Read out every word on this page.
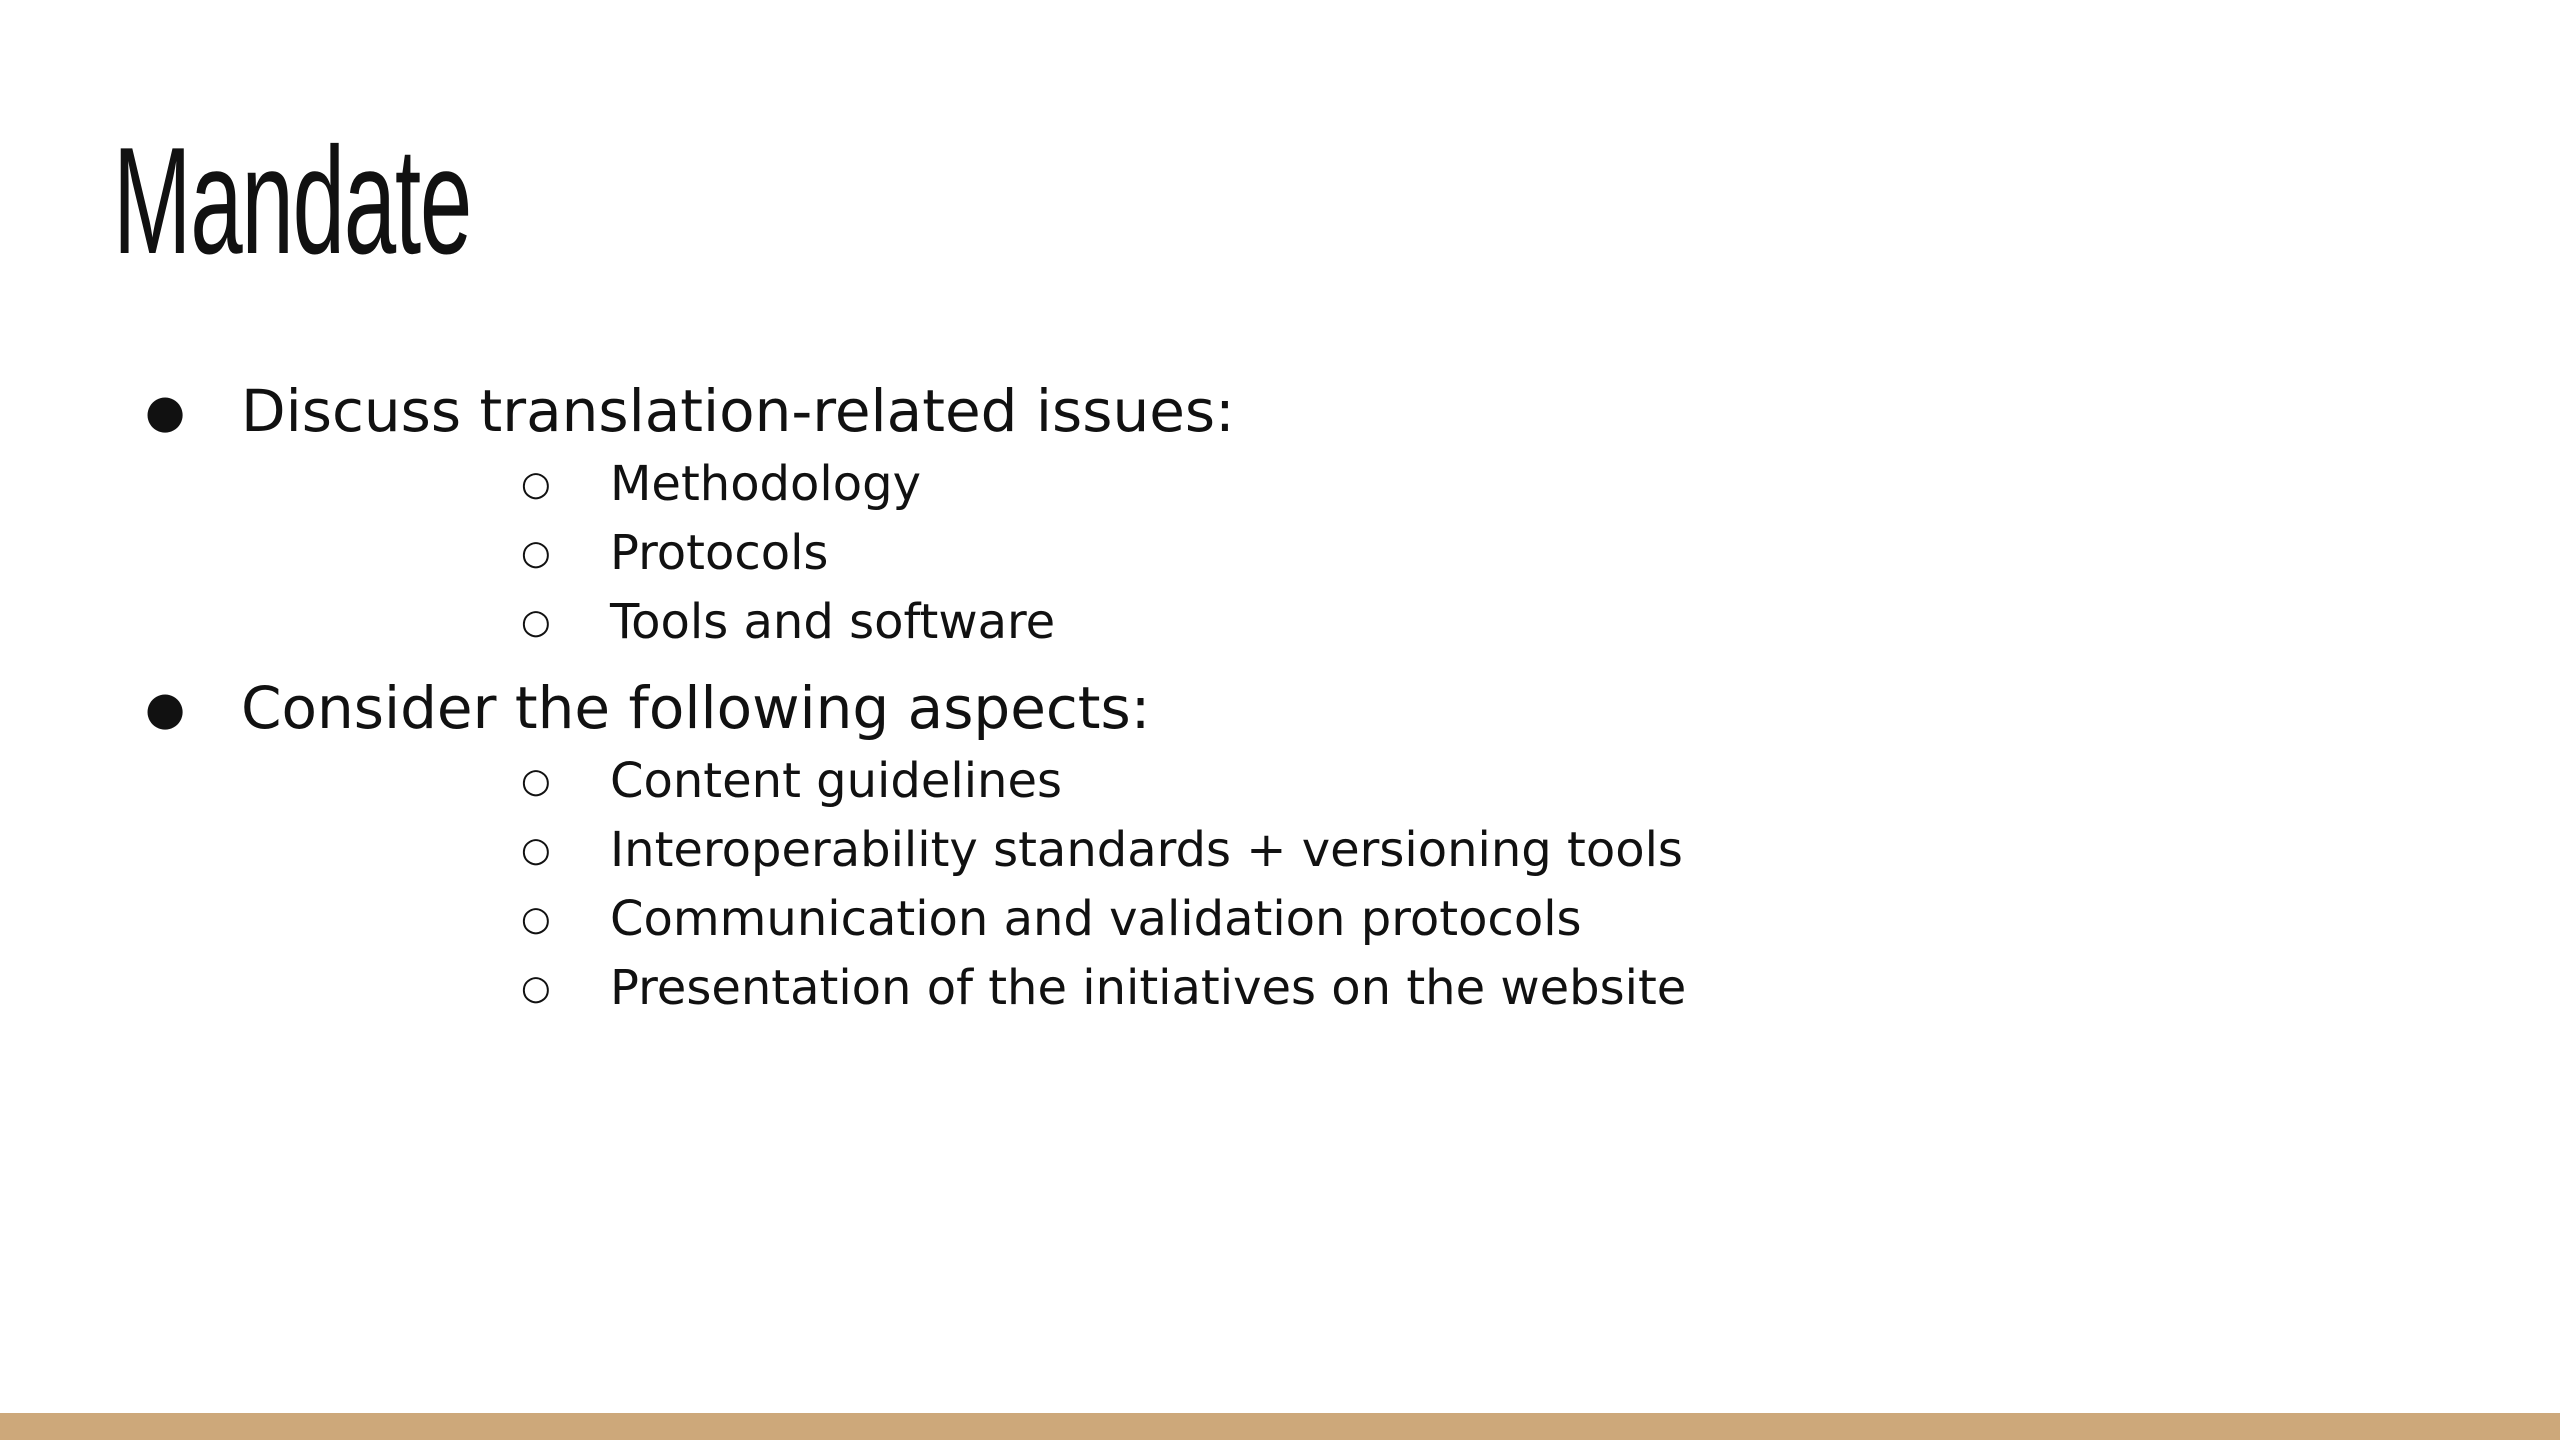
Mandate
● Discuss translation-related issues:
○ Methodology
○ Protocols
○ Tools and software
● Consider the following aspects:
○ Content guidelines
○ Interoperability standards + versioning tools
○ Communication and validation protocols
○ Presentation of the initiatives on the website
